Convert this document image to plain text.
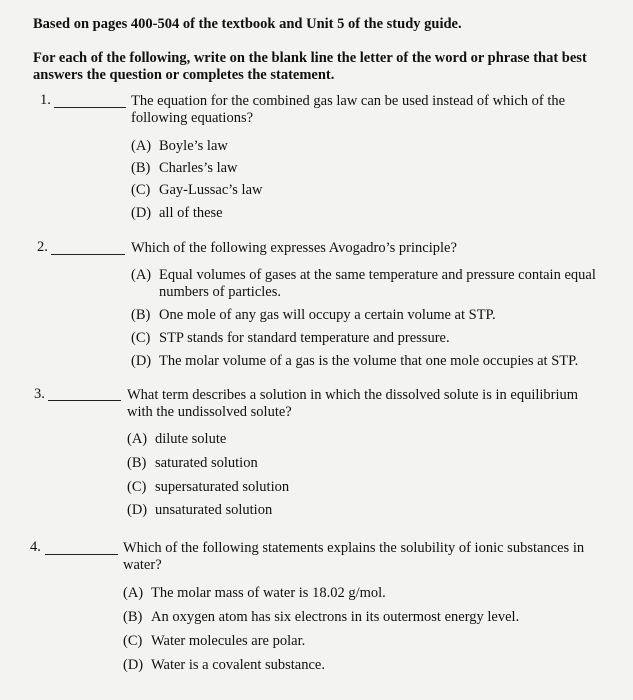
Based on pages 400-504 of the textbook and Unit 5 of the study guide.
For each of the following, write on the blank line the letter of the word or phrase that best answers the question or completes the statement.
1.	The equation for the combined gas law can be used instead of which of the following equations?
(A) Boyle’s law
(B) Charles’s law
(C) Gay-Lussac’s law
(D) all of these
2.	Which of the following expresses Avogadro’s principle?
(A) Equal volumes of gases at the same temperature and pressure contain equal numbers of particles.
(B) One mole of any gas will occupy a certain volume at STP.
(C) STP stands for standard temperature and pressure.
(D) The molar volume of a gas is the volume that one mole occupies at STP.
3.	What term describes a solution in which the dissolved solute is in equilibrium with the undissolved solute?
(A) dilute solute
(B) saturated solution
(C) supersaturated solution
(D) unsaturated solution
4.	Which of the following statements explains the solubility of ionic substances in water?
(A) The molar mass of water is 18.02 g/mol.
(B) An oxygen atom has six electrons in its outermost energy level.
(C) Water molecules are polar.
(D) Water is a covalent substance.
